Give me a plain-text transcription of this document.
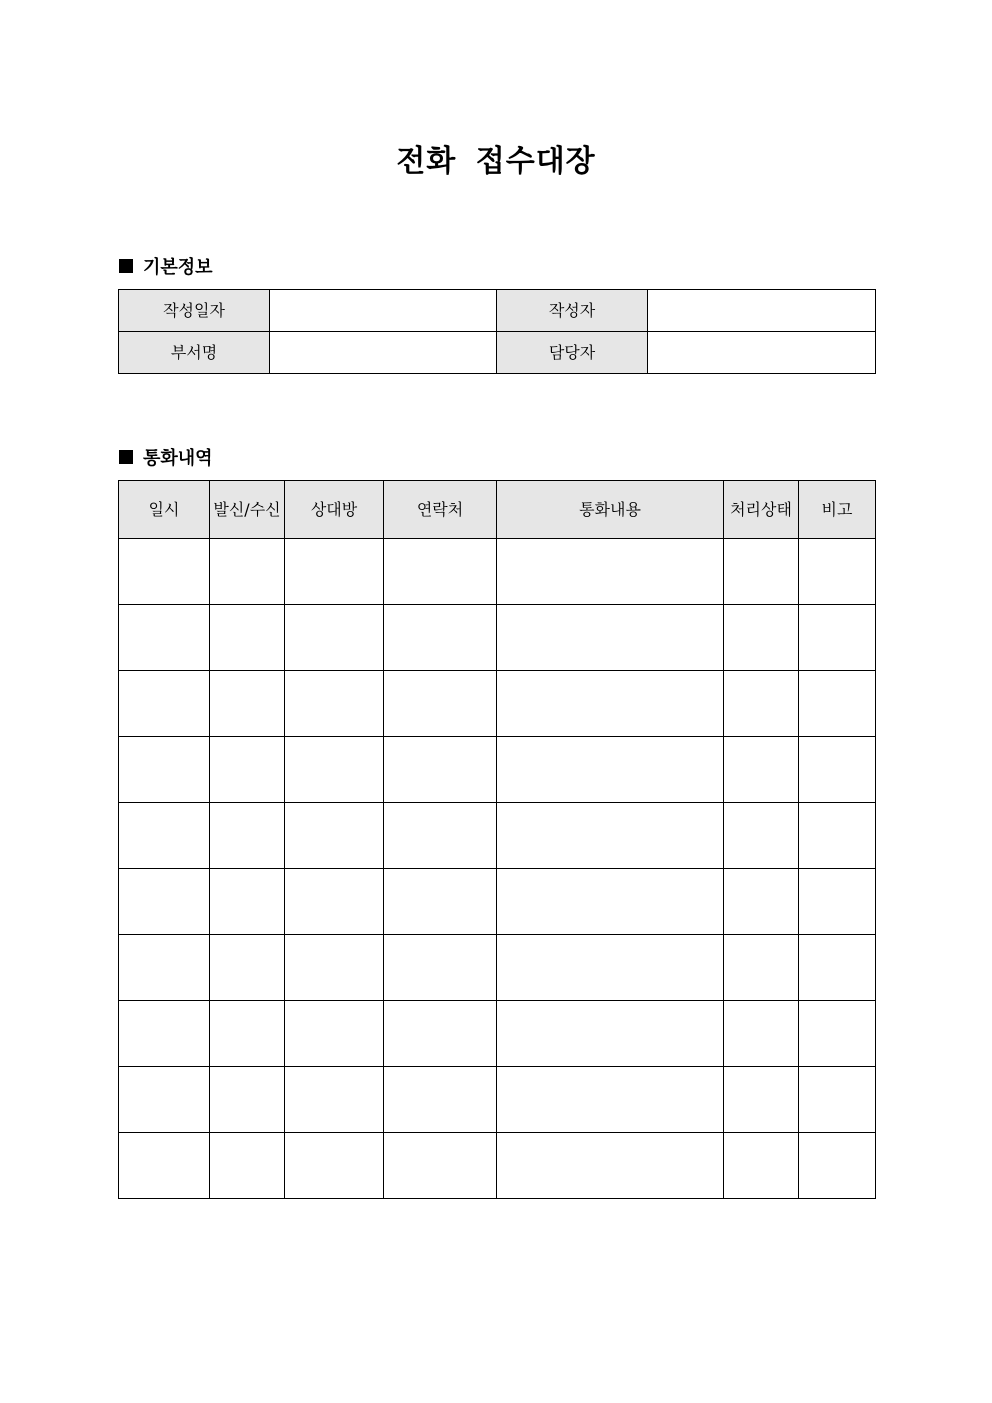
전화 접수대장
기본정보
작성일자		작성자	
부서명		담당자	
통화내역
일시	발신/수신	상대방	연락처	통화내용	처리상태	비고
